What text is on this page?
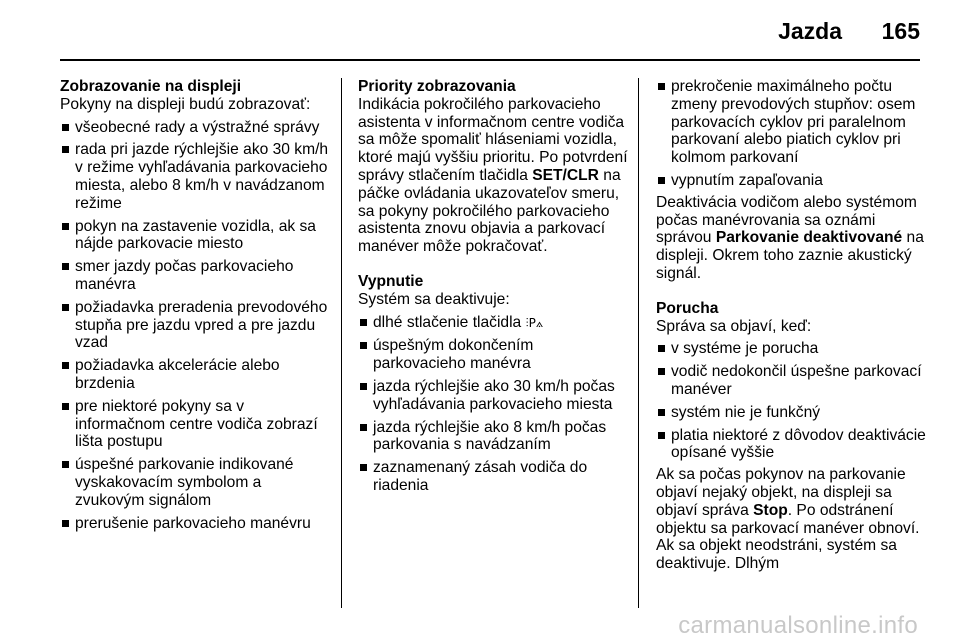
Jazda 165

Zobrazovanie na displeji

Pokyny na displeji budú zobrazovať:

všeobecné rady a výstražné správy
rada pri jazde rýchlejšie ako 30 km/h v režime vyhľadávania parkovacieho miesta, alebo 8 km/h v navádzanom režime
pokyn na zastavenie vozidla, ak sa nájde parkovacie miesto
smer jazdy počas parkovacieho manévra
požiadavka preradenia prevodového stupňa pre jazdu vpred a pre jazdu vzad
požiadavka akcelerácie alebo brzdenia
pre niektoré pokyny sa v informačnom centre vodiča zobrazí lišta postupu
úspešné parkovanie indikované vyskakovacím symbolom a zvukovým signálom
prerušenie parkovacieho manévru

Priority zobrazovania

Indikácia pokročilého parkovacieho asistenta v informačnom centre vodiča sa môže spomaliť hláseniami vozidla, ktoré majú vyššiu prioritu. Po potvrdení správy stlačením tlačidla SET/CLR na páčke ovládania ukazovateľov smeru, sa pokyny pokročilého parkovacieho asistenta znovu objavia a parkovací manéver môže pokračovať.

Vypnutie

Systém sa deaktivuje:

dlhé stlačenie tlačidla ⫶P⟑
úspešným dokončením parkovacieho manévra
jazda rýchlejšie ako 30 km/h počas vyhľadávania parkovacieho miesta
jazda rýchlejšie ako 8 km/h počas parkovania s navádzaním
zaznamenaný zásah vodiča do riadenia
prekročenie maximálneho počtu zmeny prevodových stupňov: osem parkovacích cyklov pri paralelnom parkovaní alebo piatich cyklov pri kolmom parkovaní
vypnutím zapaľovania

Deaktivácia vodičom alebo systémom počas manévrovania sa oznámi správou Parkovanie deaktivované na displeji. Okrem toho zaznie akustický signál.

Porucha

Správa sa objaví, keď:

v systéme je porucha
vodič nedokončil úspešne parkovací manéver
systém nie je funkčný
platia niektoré z dôvodov deaktivácie opísané vyššie

Ak sa počas pokynov na parkovanie objaví nejaký objekt, na displeji sa objaví správa Stop. Po odstránení objektu sa parkovací manéver obnoví. Ak sa objekt neodstráni, systém sa deaktivuje. Dlhým

carmanualsonline.info
